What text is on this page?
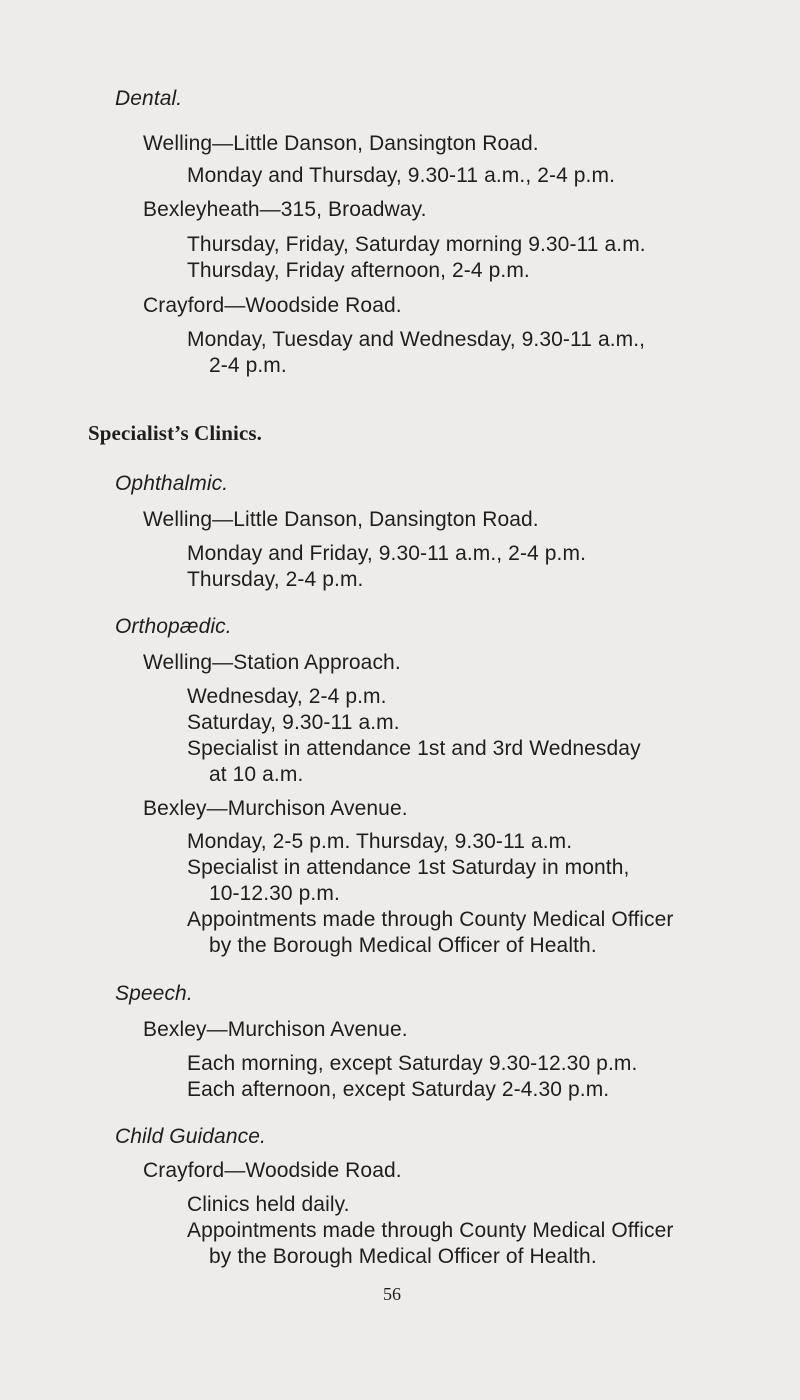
Dental.
Welling—Little Danson, Dansington Road.
Monday and Thursday, 9.30-11 a.m., 2-4 p.m.
Bexleyheath—315, Broadway.
Thursday, Friday, Saturday morning 9.30-11 a.m.
Thursday, Friday afternoon, 2-4 p.m.
Crayford—Woodside Road.
Monday, Tuesday and Wednesday, 9.30-11 a.m.,
2-4 p.m.
Specialist’s Clinics.
Ophthalmic.
Welling—Little Danson, Dansington Road.
Monday and Friday, 9.30-11 a.m., 2-4 p.m.
Thursday, 2-4 p.m.
Orthopædic.
Welling—Station Approach.
Wednesday, 2-4 p.m.
Saturday, 9.30-11 a.m.
Specialist in attendance 1st and 3rd Wednesday
at 10 a.m.
Bexley—Murchison Avenue.
Monday, 2-5 p.m. Thursday, 9.30-11 a.m.
Specialist in attendance 1st Saturday in month,
10-12.30 p.m.
Appointments made through County Medical Officer
by the Borough Medical Officer of Health.
Speech.
Bexley—Murchison Avenue.
Each morning, except Saturday 9.30-12.30 p.m.
Each afternoon, except Saturday 2-4.30 p.m.
Child Guidance.
Crayford—Woodside Road.
Clinics held daily.
Appointments made through County Medical Officer
by the Borough Medical Officer of Health.
56
